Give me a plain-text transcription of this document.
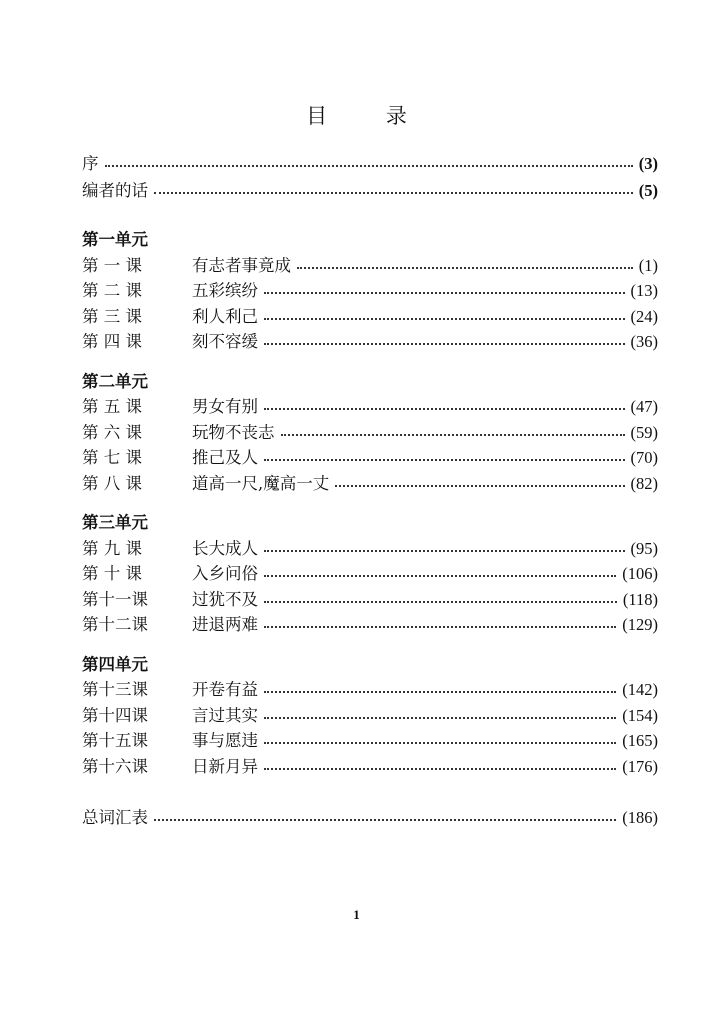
目 录
序	(3)
编者的话	(5)
第一单元
第 一 课	有志者事竟成	(1)
第 二 课	五彩缤纷	(13)
第 三 课	利人利己	(24)
第 四 课	刻不容缓	(36)
第二单元
第 五 课	男女有别	(47)
第 六 课	玩物不丧志	(59)
第 七 课	推己及人	(70)
第 八 课	道高一尺,魔高一丈	(82)
第三单元
第 九 课	长大成人	(95)
第 十 课	入乡问俗	(106)
第十一课	过犹不及	(118)
第十二课	进退两难	(129)
第四单元
第十三课	开卷有益	(142)
第十四课	言过其实	(154)
第十五课	事与愿违	(165)
第十六课	日新月异	(176)
总词汇表	(186)
1
